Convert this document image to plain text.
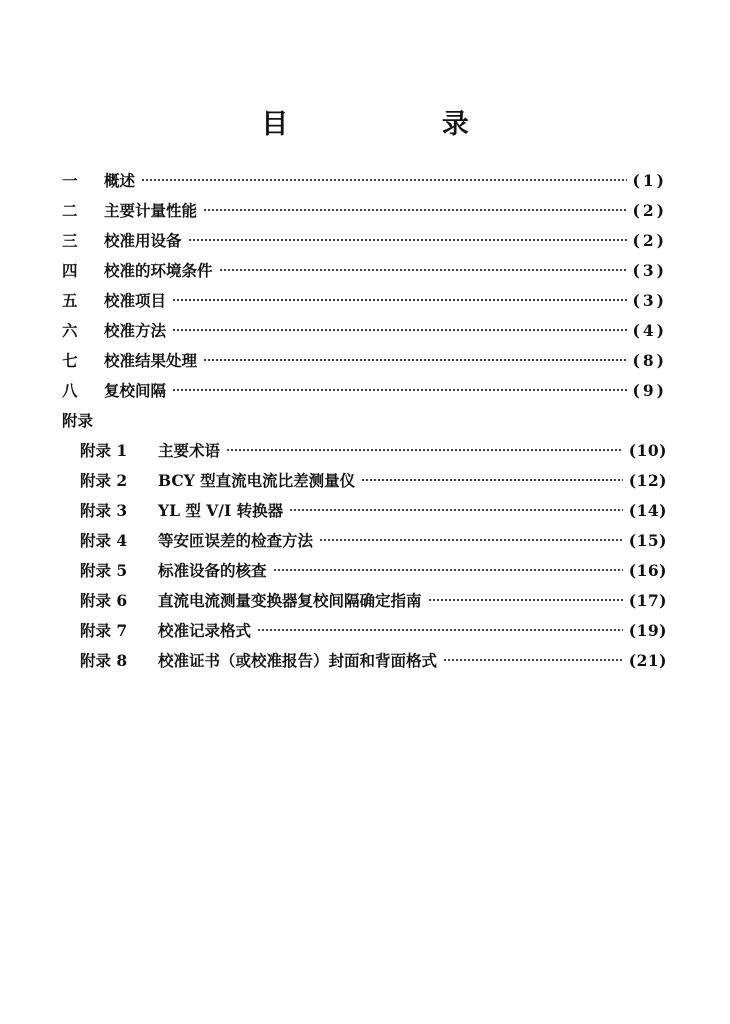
目 录
一	概述	(1)
二	主要计量性能	(2)
三	校准用设备	(2)
四	校准的环境条件	(3)
五	校准项目	(3)
六	校准方法	(4)
七	校准结果处理	(8)
八	复校间隔	(9)
附录
附录 1	主要术语	(10)
附录 2	BCY 型直流电流比差测量仪	(12)
附录 3	YL 型 V/I 转换器	(14)
附录 4	等安匝误差的检查方法	(15)
附录 5	标准设备的核查	(16)
附录 6	直流电流测量变换器复校间隔确定指南	(17)
附录 7	校准记录格式	(19)
附录 8	校准证书（或校准报告）封面和背面格式	(21)
